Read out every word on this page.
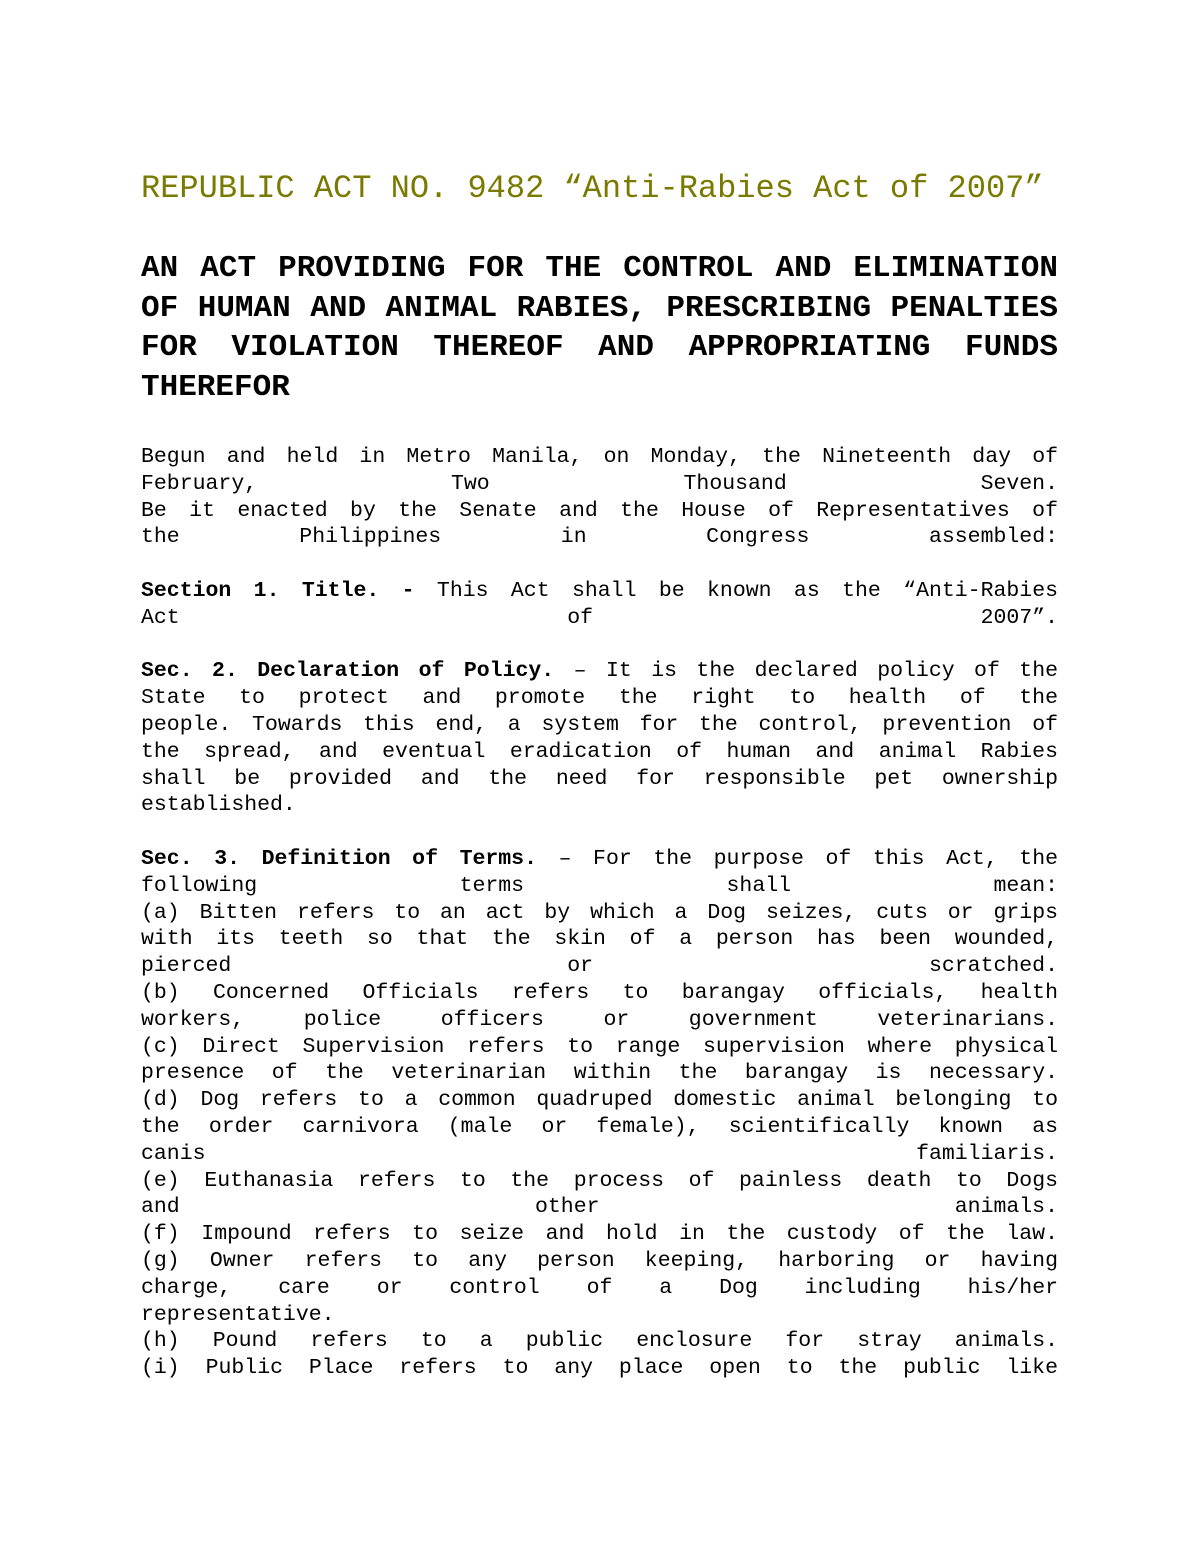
REPUBLIC ACT NO. 9482 “Anti-Rabies Act of 2007”
AN ACT PROVIDING FOR THE CONTROL AND ELIMINATION OF HUMAN AND ANIMAL RABIES, PRESCRIBING PENALTIES FOR VIOLATION THEREOF AND APPROPRIATING FUNDS THEREFOR
Begun and held in Metro Manila, on Monday, the Nineteenth day of
February, Two Thousand Seven.
Be it enacted by the Senate and the House of Representatives of
the Philippines in Congress assembled:
Section 1. Title. - This Act shall be known as the “Anti-Rabies
Act of 2007”.
Sec. 2. Declaration of Policy. – It is the declared policy of the
State to protect and promote the right to health of the
people. Towards this end, a system for the control, prevention of
the spread, and eventual eradication of human and animal Rabies
shall be provided and the need for responsible pet ownership
established.
Sec. 3. Definition of Terms. – For the purpose of this Act, the
following terms shall mean:
(a) Bitten refers to an act by which a Dog seizes, cuts or grips
with its teeth so that the skin of a person has been wounded,
pierced or scratched.
(b) Concerned Officials refers to barangay officials, health
workers, police officers or government veterinarians.
(c) Direct Supervision refers to range supervision where physical
presence of the veterinarian within the barangay is necessary.
(d) Dog refers to a common quadruped domestic animal belonging to
the order carnivora (male or female), scientifically known as
canis familiaris.
(e) Euthanasia refers to the process of painless death to Dogs
and other animals.
(f) Impound refers to seize and hold in the custody of the law.
(g) Owner refers to any person keeping, harboring or having
charge, care or control of a Dog including his/her
representative.
(h) Pound refers to a public enclosure for stray animals.
(i) Public Place refers to any place open to the public like
